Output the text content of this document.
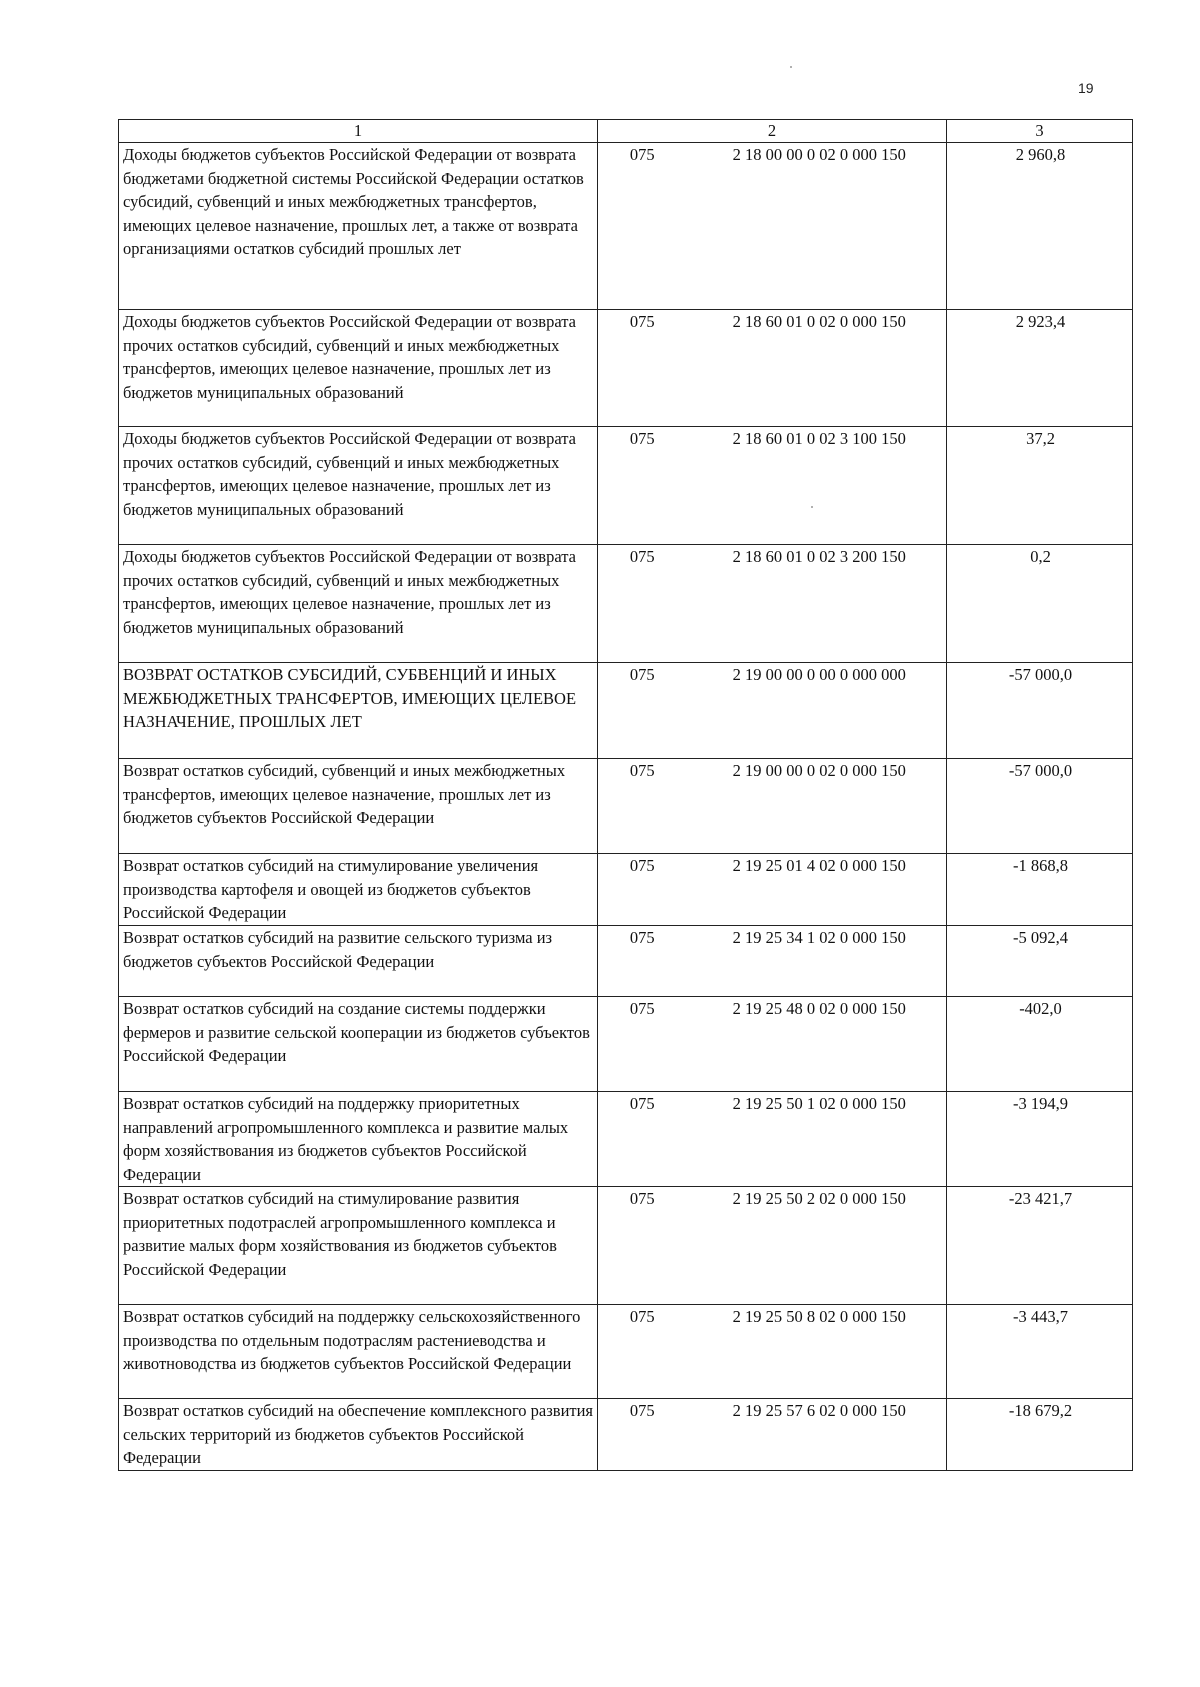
19
1	2		3
Доходы бюджетов субъектов Российской Федерации от возврата бюджетами бюджетной системы Российской Федерации остатков субсидий, субвенций и иных межбюджетных трансфертов, имеющих целевое назначение, прошлых лет, а также от возврата организациями остатков субсидий прошлых лет	075	2 18 00 00 0 02 0 000 150	2 960,8
Доходы бюджетов субъектов Российской Федерации от возврата прочих остатков субсидий, субвенций и иных межбюджетных трансфертов, имеющих целевое назначение, прошлых лет из бюджетов муниципальных образований	075	2 18 60 01 0 02 0 000 150	2 923,4
Доходы бюджетов субъектов Российской Федерации от возврата прочих остатков субсидий, субвенций и иных межбюджетных трансфертов, имеющих целевое назначение, прошлых лет из бюджетов муниципальных образований	075	2 18 60 01 0 02 3 100 150	37,2
Доходы бюджетов субъектов Российской Федерации от возврата прочих остатков субсидий, субвенций и иных межбюджетных трансфертов, имеющих целевое назначение, прошлых лет из бюджетов муниципальных образований	075	2 18 60 01 0 02 3 200 150	0,2
ВОЗВРАТ ОСТАТКОВ СУБСИДИЙ, СУБВЕНЦИЙ И ИНЫХ МЕЖБЮДЖЕТНЫХ ТРАНСФЕРТОВ, ИМЕЮЩИХ ЦЕЛЕВОЕ НАЗНАЧЕНИЕ, ПРОШЛЫХ ЛЕТ	075	2 19 00 00 0 00 0 000 000	-57 000,0
Возврат остатков субсидий, субвенций и иных межбюджетных трансфертов, имеющих целевое назначение, прошлых лет из бюджетов субъектов Российской Федерации	075	2 19 00 00 0 02 0 000 150	-57 000,0
Возврат остатков субсидий на стимулирование увеличения производства картофеля и овощей из бюджетов субъектов Российской Федерации	075	2 19 25 01 4 02 0 000 150	-1 868,8
Возврат остатков субсидий на развитие сельского туризма из бюджетов субъектов Российской Федерации	075	2 19 25 34 1 02 0 000 150	-5 092,4
Возврат остатков субсидий на создание системы поддержки фермеров и развитие сельской кооперации из бюджетов субъектов Российской Федерации	075	2 19 25 48 0 02 0 000 150	-402,0
Возврат остатков субсидий на поддержку приоритетных направлений агропромышленного комплекса и развитие малых форм хозяйствования из бюджетов субъектов Российской Федерации	075	2 19 25 50 1 02 0 000 150	-3 194,9
Возврат остатков субсидий на стимулирование развития приоритетных подотраслей агропромышленного комплекса и развитие малых форм хозяйствования из бюджетов субъектов Российской Федерации	075	2 19 25 50 2 02 0 000 150	-23 421,7
Возврат остатков субсидий на поддержку сельскохозяйственного производства по отдельным подотраслям растениеводства и животноводства из бюджетов субъектов Российской Федерации	075	2 19 25 50 8 02 0 000 150	-3 443,7
Возврат остатков субсидий на обеспечение комплексного развития сельских территорий из бюджетов субъектов Российской Федерации	075	2 19 25 57 6 02 0 000 150	-18 679,2
